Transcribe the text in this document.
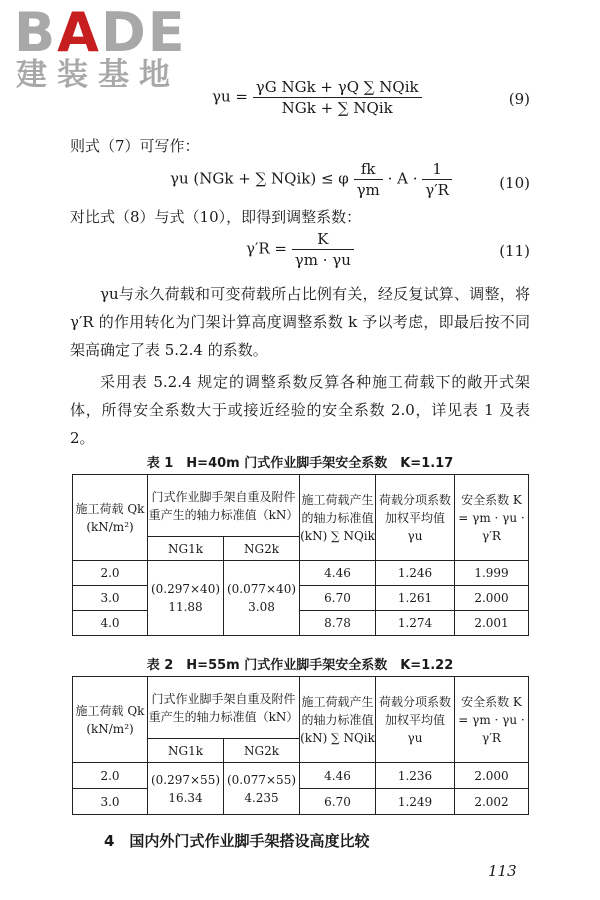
BADE
建装基地
$\gamma u = \frac{\text{γG NGk + γQ ∑ NQik}}{\text{NGk + ∑ NQik}}$	(9)
则式（7）可写作：
γu (NGk + ∑ NQik) ≤ φ $\frac{fk}{\gamma m} \cdot A \cdot \frac{1}{\gamma'R}$	(10)
对比式（8）与式（10），即得到调整系数：
$\gamma'R = \frac{K}{\gamma m \cdot \gamma u}$	(11)
γu与永久荷载和可变荷载所占比例有关，经反复试算、调整，将 γ′R 的作用转化为门架计算高度调整系数 k 予以考虑，即最后按不同架高确定了表 5.2.4 的系数。
采用表 5.2.4 规定的调整系数反算各种施工荷载下的敞开式架体，所得安全系数大于或接近经验的安全系数 2.0，详见表 1 及表 2。
表 1　H=40m 门式作业脚手架安全系数　K=1.17
施工荷载 Qk (kN/m²)	门式作业脚手架自重及附件重产生的轴力标准值（kN）		施工荷载产生的轴力标准值 (kN) ∑ NQik	荷载分项系数加权平均值 γu	安全系数 K = γm · γu · γ′R
	NG1k	NG2k			
2.0	(0.297×40) 11.88	(0.077×40) 3.08	4.46	1.246	1.999
3.0			6.70	1.261	2.000
4.0			8.78	1.274	2.001
表 2　H=55m 门式作业脚手架安全系数　K=1.22
施工荷载 Qk (kN/m²)	门式作业脚手架自重及附件重产生的轴力标准值（kN）		施工荷载产生的轴力标准值 (kN) ∑ NQik	荷载分项系数加权平均值 γu	安全系数 K = γm · γu · γ′R
	NG1k	NG2k			
2.0	(0.297×55) 16.34	(0.077×55) 4.235	4.46	1.236	2.000
3.0			6.70	1.249	2.002
4　国内外门式作业脚手架搭设高度比较
113
